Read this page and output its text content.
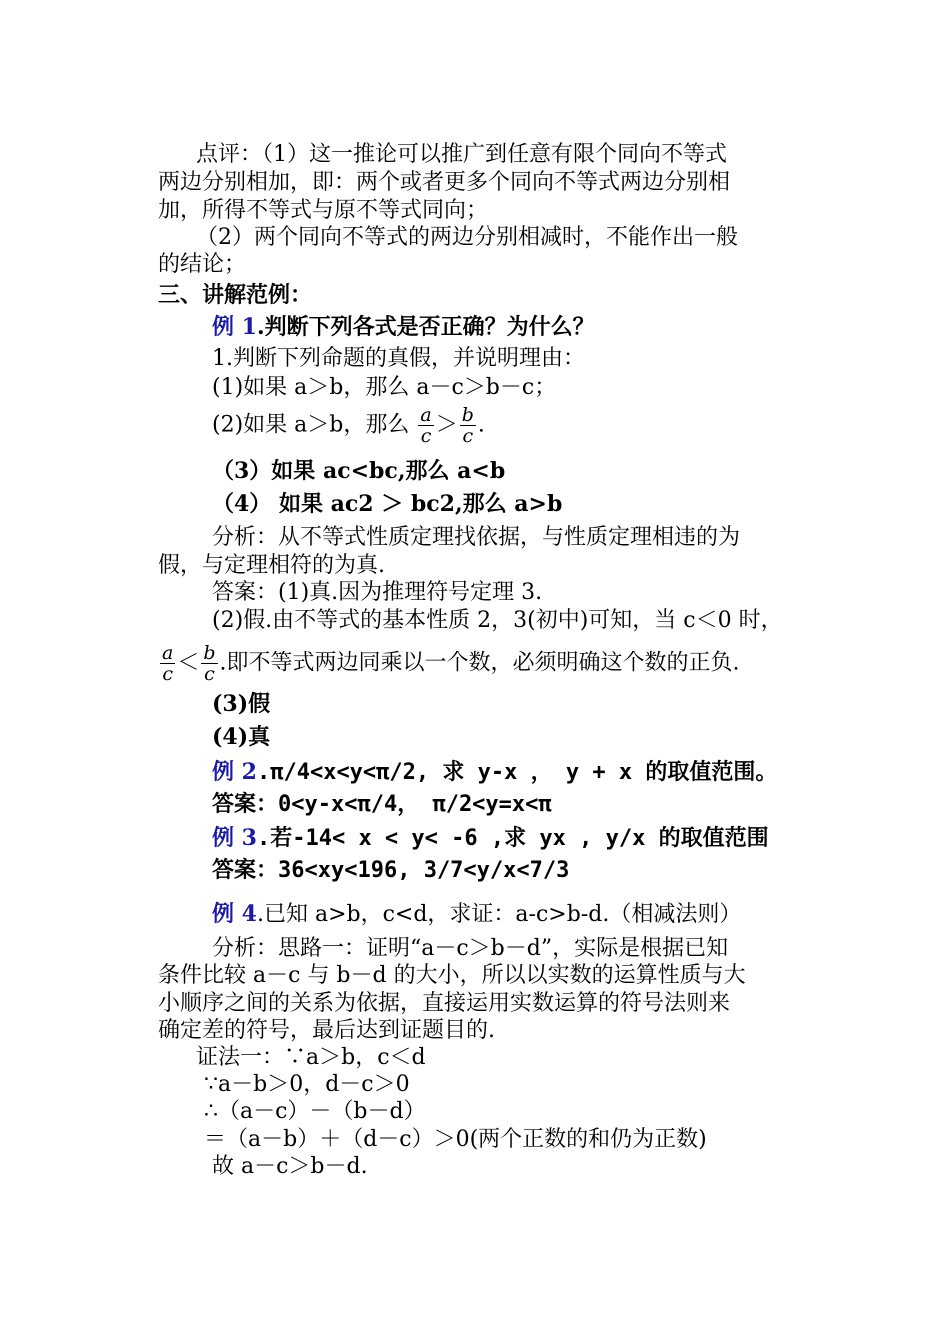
点评：（1）这一推论可以推广到任意有限个同向不等式
两边分别相加，即：两个或者更多个同向不等式两边分别相
加，所得不等式与原不等式同向；
（2）两个同向不等式的两边分别相减时，不能作出一般
的结论；
三、讲解范例：
例 1.判断下列各式是否正确？为什么？
1.判断下列命题的真假，并说明理由：
(1)如果 a＞b，那么 a－c＞b－c；
(2)如果 a＞b，那么 $\frac{a}{c} > \frac{b}{c}$ .
（3）如果 ac<bc,那么 a<b
（4） 如果 ac2 ＞ bc2,那么 a>b
分析：从不等式性质定理找依据，与性质定理相违的为
假，与定理相符的为真.
答案：(1)真.因为推理符号定理 3.
(2)假.由不等式的基本性质 2，3(初中)可知，当 c＜0 时，
$\frac{a}{c} < \frac{b}{c}$ .即不等式两边同乘以一个数，必须明确这个数的正负.
(3)假
(4)真
例 2.π/4<x<y<π/2, 求 y-x ， y + x 的取值范围。
答案：0<y-x<π/4， π/2<y=x<π
例 3.若-14< x < y< -6 ,求 yx , y/x 的取值范围
答案：36<xy<196, 3/7<y/x<7/3
例 4.已知 a>b，c<d，求证：a-c>b-d.（相减法则）
分析：思路一：证明“a－c＞b－d”，实际是根据已知
条件比较 a－c 与 b－d 的大小，所以以实数的运算性质与大
小顺序之间的关系为依据，直接运用实数运算的符号法则来
确定差的符号，最后达到证题目的.
证法一：∵a＞b，c＜d
∵a－b＞0，d－c＞0
∴（a－c）－（b－d）
＝（a－b）＋（d－c）＞0(两个正数的和仍为正数)
故 a－c＞b－d.
